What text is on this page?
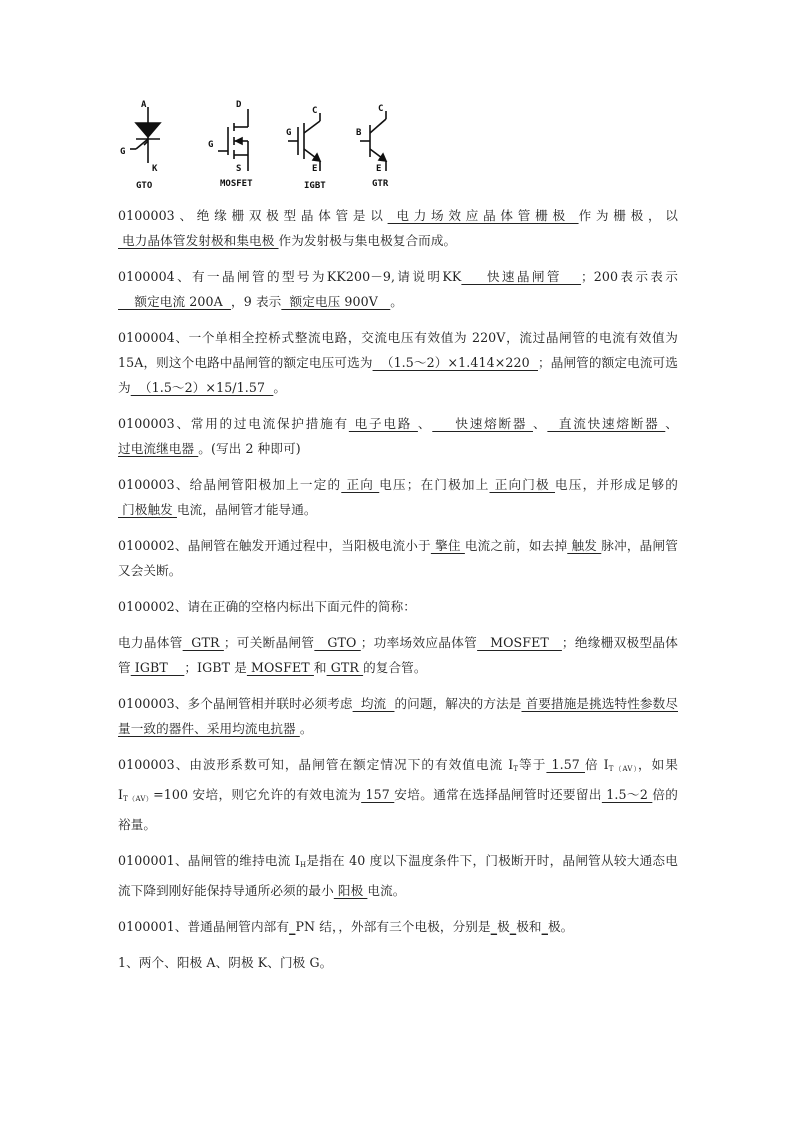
A
G
K
GTO
D
G
S
MOSFET
C
G
E
IGBT
C
B
E
GTR

0100003、绝缘栅双极型晶体管是以 电力场效应晶体管栅极 作为栅极，以 电力晶体管发射极和集电极 作为发射极与集电极复合而成。

0100004、有一晶闸管的型号为KK200－9,请说明KK    快速晶闸管   ；200表示表示    额定电流 200A  ，9 表示  额定电压 900V   。

0100004、一个单相全控桥式整流电路，交流电压有效值为 220V，流过晶闸管的电流有效值为 15A，则这个电路中晶闸管的额定电压可选为  （1.5～2）×1.414×220  ；晶闸管的额定电流可选 为  （1.5～2）×15/1.57  。

0100003、常用的过电流保护措施有 电子电路 、    快速熔断器 、  直流快速熔断器 、过电流继电器 。(写出 2 种即可)

0100003、给晶闸管阳极加上一定的 正向 电压；在门极加上 正向门极 电压，并形成足够的 门极触发 电流，晶闸管才能导通。

0100002、晶闸管在触发开通过程中，当阳极电流小于 擎住 电流之前，如去掉 触发 脉冲，晶闸管又会关断。

0100002、请在正确的空格内标出下面元件的简称：

电力晶体管  GTR ；可关断晶闸管   GTO ；功率场效应晶体管   MOSFET   ；绝缘栅双极型晶体管 IGBT    ；IGBT 是 MOSFET 和 GTR 的复合管。

0100003、多个晶闸管相并联时必须考虑  均流  的问题，解决的方法是 首要措施是挑选特性参数尽量一致的器件、采用均流电抗器 。

0100003、由波形系数可知，晶闸管在额定情况下的有效值电流 $I_T$等于 1.57 倍 $I_{T(AV)}$，如果 $I_{T(AV)}=100$ 安培，则它允许的有效电流为 157 安培。通常在选择晶闸管时还要留出 1.5～2 倍的裕量。

0100001、晶闸管的维持电流 $I_H$是指在 40 度以下温度条件下，门极断开时，晶闸管从较大通态电流下降到刚好能保持导通所必须的最小 阳极 电流。

0100001、普通晶闸管内部有_PN 结，，外部有三个电极，分别是_极_极和_极。

1、两个、阳极 A、阴极 K、门极 G。
